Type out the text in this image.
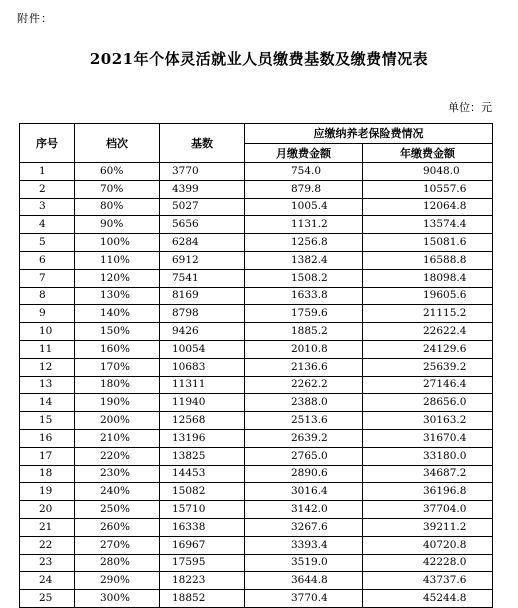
附件：
2021年个体灵活就业人员缴费基数及缴费情况表
单位：元
序号	档次	基数	应缴纳养老保险费情况	
			月缴费金额	年缴费金额
1	60%	3770	754.0	9048.0
2	70%	4399	879.8	10557.6
3	80%	5027	1005.4	12064.8
4	90%	5656	1131.2	13574.4
5	100%	6284	1256.8	15081.6
6	110%	6912	1382.4	16588.8
7	120%	7541	1508.2	18098.4
8	130%	8169	1633.8	19605.6
9	140%	8798	1759.6	21115.2
10	150%	9426	1885.2	22622.4
11	160%	10054	2010.8	24129.6
12	170%	10683	2136.6	25639.2
13	180%	11311	2262.2	27146.4
14	190%	11940	2388.0	28656.0
15	200%	12568	2513.6	30163.2
16	210%	13196	2639.2	31670.4
17	220%	13825	2765.0	33180.0
18	230%	14453	2890.6	34687.2
19	240%	15082	3016.4	36196.8
20	250%	15710	3142.0	37704.0
21	260%	16338	3267.6	39211.2
22	270%	16967	3393.4	40720.8
23	280%	17595	3519.0	42228.0
24	290%	18223	3644.8	43737.6
25	300%	18852	3770.4	45244.8
